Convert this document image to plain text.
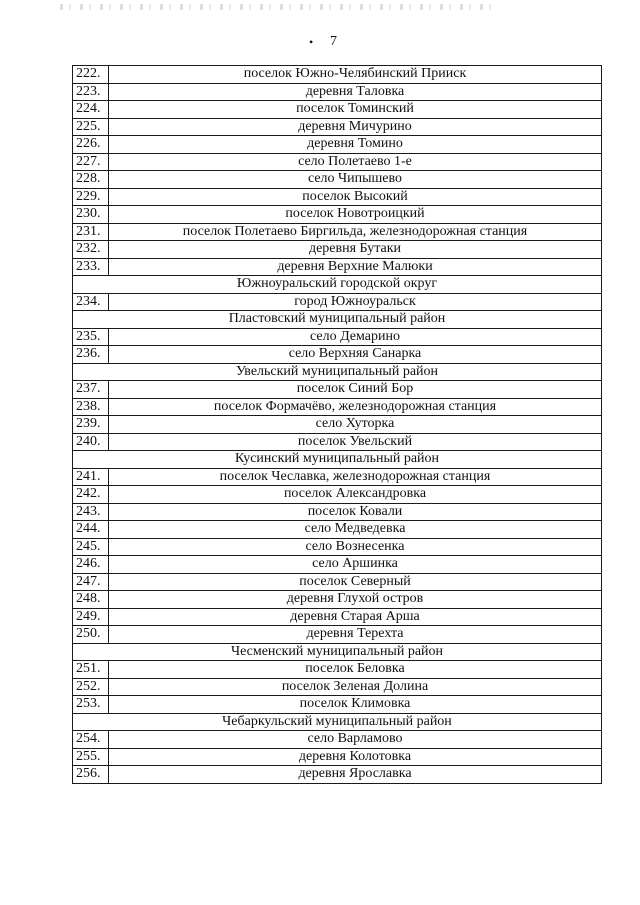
• 7
222.	поселок Южно-Челябинский Прииск
223.	деревня Таловка
224.	поселок Томинский
225.	деревня Мичурино
226.	деревня Томино
227.	село Полетаево 1-е
228.	село Чипышево
229.	поселок Высокий
230.	поселок Новотроицкий
231.	поселок Полетаево Биргильда, железнодорожная станция
232.	деревня Бутаки
233.	деревня Верхние Малюки
Южноуральский городской округ	
234.	город Южноуральск
Пластовский муниципальный район	
235.	село Демарино
236.	село Верхняя Санарка
Увельский муниципальный район	
237.	поселок Синий Бор
238.	поселок Формачёво, железнодорожная станция
239.	село Хуторка
240.	поселок Увельский
Кусинский муниципальный район	
241.	поселок Чеславка, железнодорожная станция
242.	поселок Александровка
243.	поселок Ковали
244.	село Медведевка
245.	село Вознесенка
246.	село Аршинка
247.	поселок Северный
248.	деревня Глухой остров
249.	деревня Старая Арша
250.	деревня Терехта
Чесменский муниципальный район	
251.	поселок Беловка
252.	поселок Зеленая Долина
253.	поселок Климовка
Чебаркульский муниципальный район	
254.	село Варламово
255.	деревня Колотовка
256.	деревня Ярославка
